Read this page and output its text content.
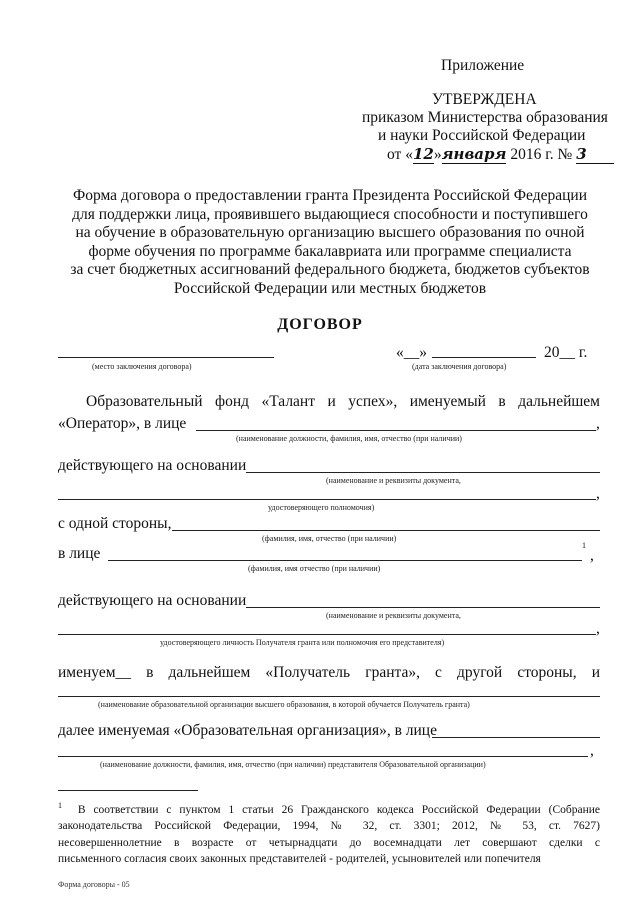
Приложение
УТВЕРЖДЕНА
приказом Министерства образования
и науки Российской Федерации
от «12»января 2016 г. № 3
Форма договора о предоставлении гранта Президента Российской Федерации
для поддержки лица, проявившего выдающиеся способности и поступившего
на обучение в образовательную организацию высшего образования по очной
форме обучения по программе бакалавриата или программе специалиста
за счет бюджетных ассигнований федерального бюджета, бюджетов субъектов
Российской Федерации или местных бюджетов
ДОГОВОР
(место заключения договора)
«__»	20__ г.
(дата заключения договора)
Образовательный фонд «Талант и успех», именуемый в дальнейшем
«Оператор», в лице	,
(наименование должности, фамилия, имя, отчество (при наличии)
действующего на основании
(наименование и реквизиты документа,
,
удостоверяющего полномочия)
с одной стороны,
(фамилия, имя, отчество (при наличии)
в лице	1
,
(фамилия, имя отчество (при наличии)
действующего на основании
(наименование и реквизиты документа,
,
удостоверяющего личность Получателя гранта или полномочия его представителя)
именуем__ в дальнейшем «Получатель гранта», с другой стороны, и
(наименование образовательной организации высшего образования, в которой обучается Получатель гранта)
далее именуемая «Образовательная организация», в лице
,
(наименование должности, фамилия, имя, отчество (при наличии) представителя Образовательной организации)
$^1$ В соответствии с пунктом 1 статьи 26 Гражданского кодекса Российской Федерации (Собрание
законодательства Российской Федерации, 1994, № 32, ст. 3301; 2012, № 53, ст. 7627)
несовершеннолетние в возрасте от четырнадцати до восемнадцати лет совершают сделки с
письменного согласия своих законных представителей - родителей, усыновителей или попечителя
Форма договоры - 05
